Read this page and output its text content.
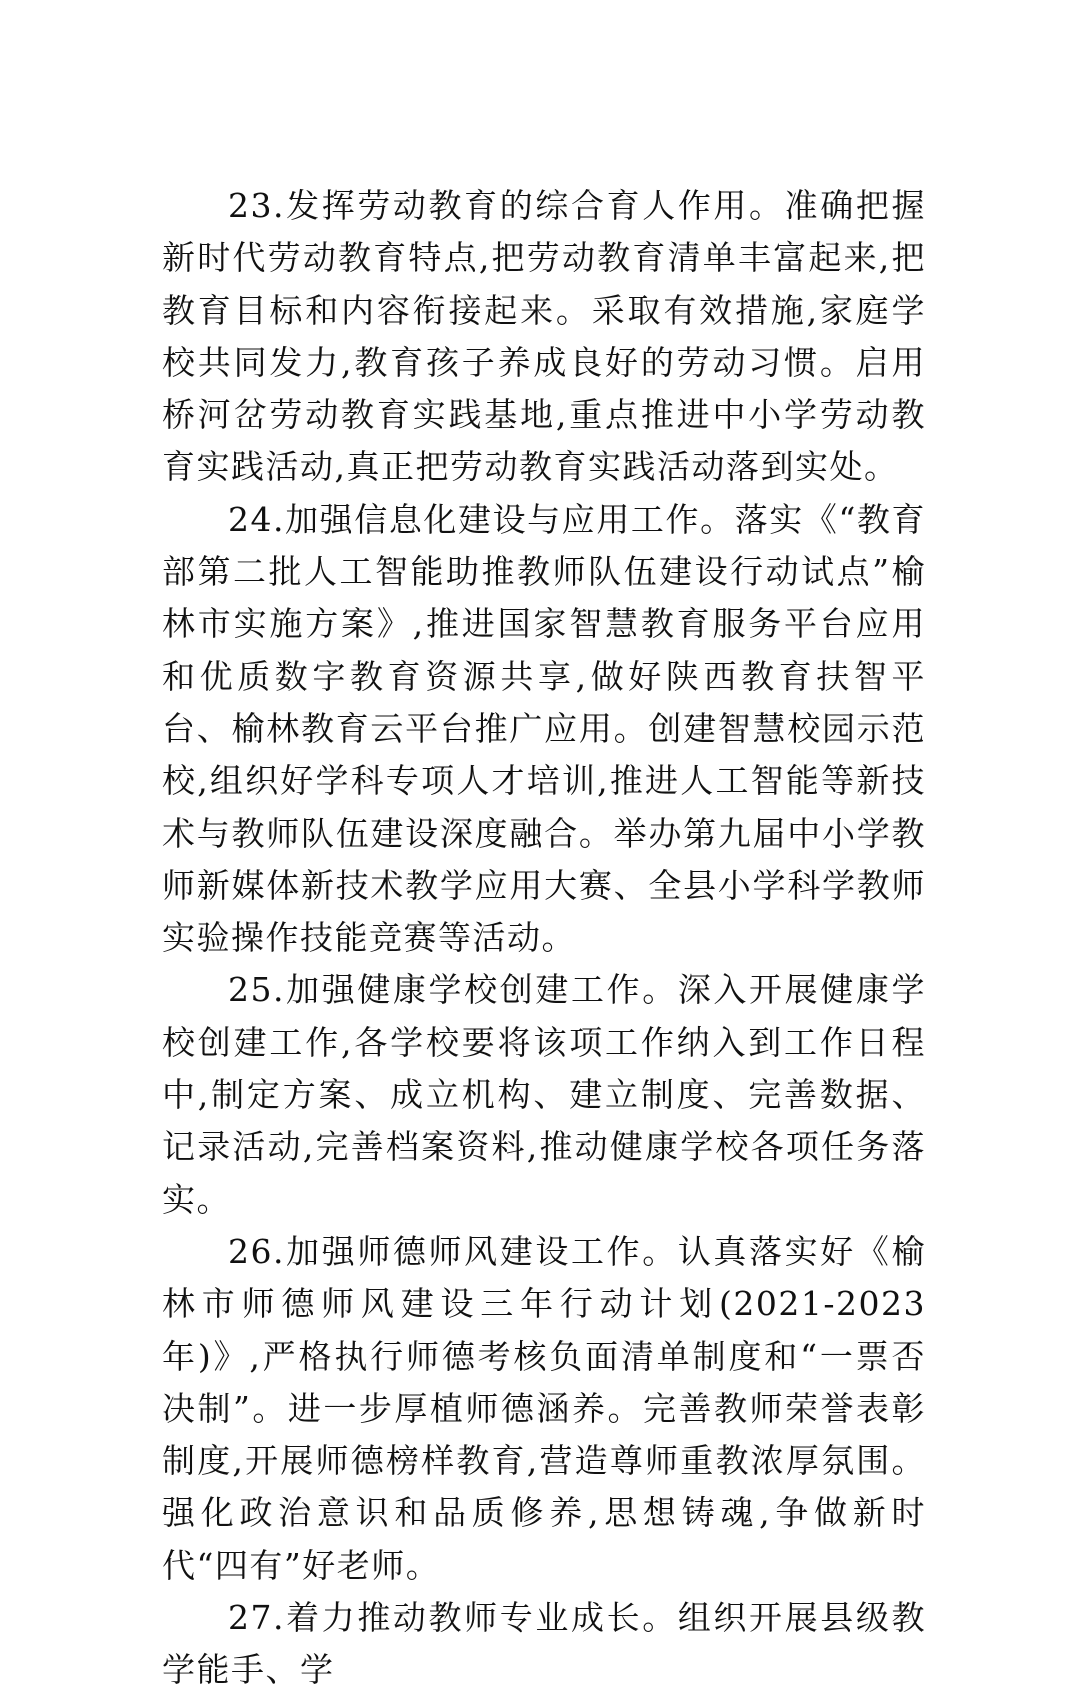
23.发挥劳动教育的综合育人作用。准确把握新时代劳动教育特点,把劳动教育清单丰富起来,把教育目标和内容衔接起来。采取有效措施,家庭学校共同发力,教育孩子养成良好的劳动习惯。启用桥河岔劳动教育实践基地,重点推进中小学劳动教育实践活动,真正把劳动教育实践活动落到实处。

24.加强信息化建设与应用工作。落实《“教育部第二批人工智能助推教师队伍建设行动试点”榆林市实施方案》,推进国家智慧教育服务平台应用和优质数字教育资源共享,做好陕西教育扶智平台、榆林教育云平台推广应用。创建智慧校园示范校,组织好学科专项人才培训,推进人工智能等新技术与教师队伍建设深度融合。举办第九届中小学教师新媒体新技术教学应用大赛、全县小学科学教师实验操作技能竞赛等活动。

25.加强健康学校创建工作。深入开展健康学校创建工作,各学校要将该项工作纳入到工作日程中,制定方案、成立机构、建立制度、完善数据、记录活动,完善档案资料,推动健康学校各项任务落实。

26.加强师德师风建设工作。认真落实好《榆林市师德师风建设三年行动计划(2021-2023年)》,严格执行师德考核负面清单制度和“一票否决制”。进一步厚植师德涵养。完善教师荣誉表彰制度,开展师德榜样教育,营造尊师重教浓厚氛围。强化政治意识和品质修养,思想铸魂,争做新时代“四有”好老师。

27.着力推动教师专业成长。组织开展县级教学能手、学
